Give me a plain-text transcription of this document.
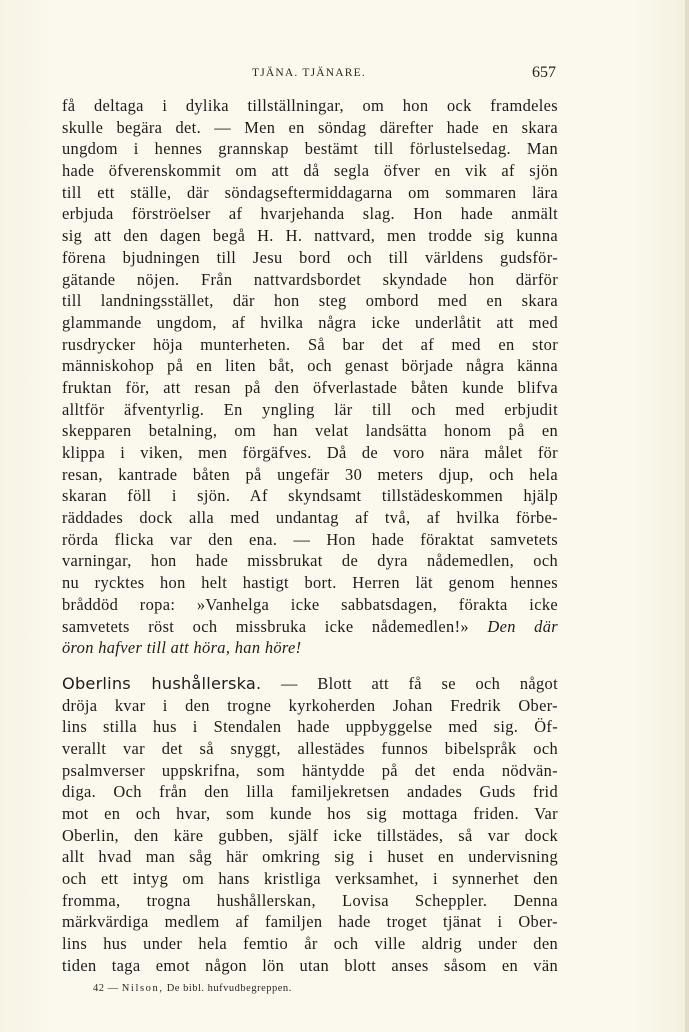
TJÄNA. TJÄNARE.	657
få deltaga i dylika tillställningar, om hon ock framdeles
skulle begära det. — Men en söndag därefter hade en skara
ungdom i hennes grannskap bestämt till förlustelsedag. Man
hade öfverenskommit om att då segla öfver en vik af sjön
till ett ställe, där söndagseftermiddagarna om sommaren lära
erbjuda förströelser af hvarjehanda slag. Hon hade anmält
sig att den dagen begå H. H. nattvard, men trodde sig kunna
förena bjudningen till Jesu bord och till världens gudsför-
gätande nöjen. Från nattvardsbordet skyndade hon därför
till landningsstället, där hon steg ombord med en skara
glammande ungdom, af hvilka några icke underlåtit att med
rusdrycker höja munterheten. Så bar det af med en stor
människohop på en liten båt, och genast började några känna
fruktan för, att resan på den öfverlastade båten kunde blifva
alltför äfventyrlig. En yngling lär till och med erbjudit
skepparen betalning, om han velat landsätta honom på en
klippa i viken, men förgäfves. Då de voro nära målet för
resan, kantrade båten på ungefär 30 meters djup, och hela
skaran föll i sjön. Af skyndsamt tillstädeskommen hjälp
räddades dock alla med undantag af två, af hvilka förbe-
rörda flicka var den ena. — Hon hade föraktat samvetets
varningar, hon hade missbrukat de dyra nådemedlen, och
nu rycktes hon helt hastigt bort. Herren lät genom hennes
bråddöd ropa: »Vanhelga icke sabbatsdagen, förakta icke
samvetets röst och missbruka icke nådemedlen!» Den där
öron hafver till att höra, han höre!
Oberlins hushållerska. — Blott att få se och något
dröja kvar i den trogne kyrkoherden Johan Fredrik Ober-
lins stilla hus i Stendalen hade uppbyggelse med sig. Öf-
verallt var det så snyggt, allestädes funnos bibelspråk och
psalmverser uppskrifna, som häntydde på det enda nödvän-
diga. Och från den lilla familjekretsen andades Guds frid
mot en och hvar, som kunde hos sig mottaga friden. Var
Oberlin, den käre gubben, själf icke tillstädes, så var dock
allt hvad man såg här omkring sig i huset en undervisning
och ett intyg om hans kristliga verksamhet, i synnerhet den
fromma, trogna hushållerskan, Lovisa Scheppler. Denna
märkvärdiga medlem af familjen hade troget tjänat i Ober-
lins hus under hela femtio år och ville aldrig under den
tiden taga emot någon lön utan blott anses såsom en vän
42 — Nilson, De bibl. hufvudbegreppen.
